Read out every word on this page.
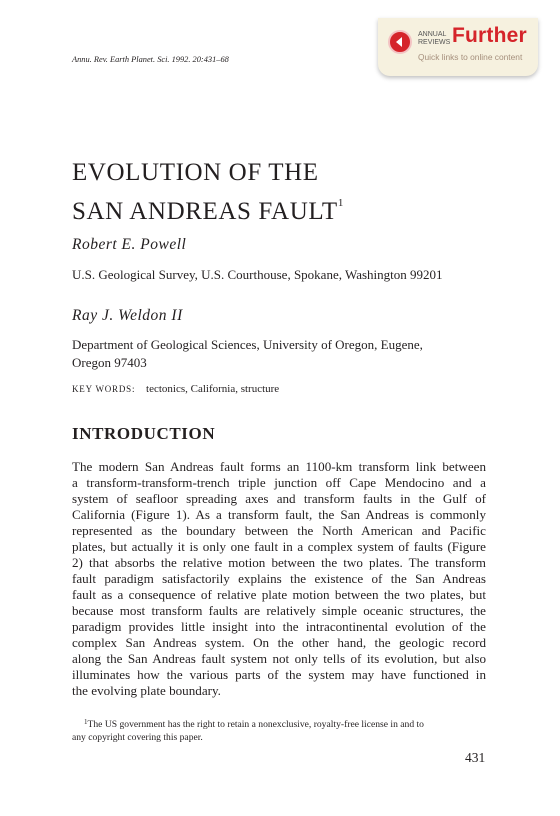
ANNUAL
REVIEWS Further
Quick links to online content
Annu. Rev. Earth Planet. Sci. 1992. 20:431–68
EVOLUTION OF THE
SAN ANDREAS FAULT$^1$
Robert E. Powell
U.S. Geological Survey, U.S. Courthouse, Spokane, Washington 99201
Ray J. Weldon II
Department of Geological Sciences, University of Oregon, Eugene,
Oregon 97403
KEY WORDS: tectonics, California, structure
INTRODUCTION
The modern San Andreas fault forms an 1100-km transform link between
a transform-transform-trench triple junction off Cape Mendocino and a
system of seafloor spreading axes and transform faults in the Gulf of
California (Figure 1). As a transform fault, the San Andreas is commonly
represented as the boundary between the North American and Pacific
plates, but actually it is only one fault in a complex system of faults (Figure
2) that absorbs the relative motion between the two plates. The transform
fault paradigm satisfactorily explains the existence of the San Andreas
fault as a consequence of relative plate motion between the two plates, but
because most transform faults are relatively simple oceanic structures, the
paradigm provides little insight into the intracontinental evolution of the
complex San Andreas system. On the other hand, the geologic record
along the San Andreas fault system not only tells of its evolution, but also
illuminates how the various parts of the system may have functioned in
the evolving plate boundary.
$^1$The US government has the right to retain a nonexclusive, royalty-free license in and to
any copyright covering this paper.
431
